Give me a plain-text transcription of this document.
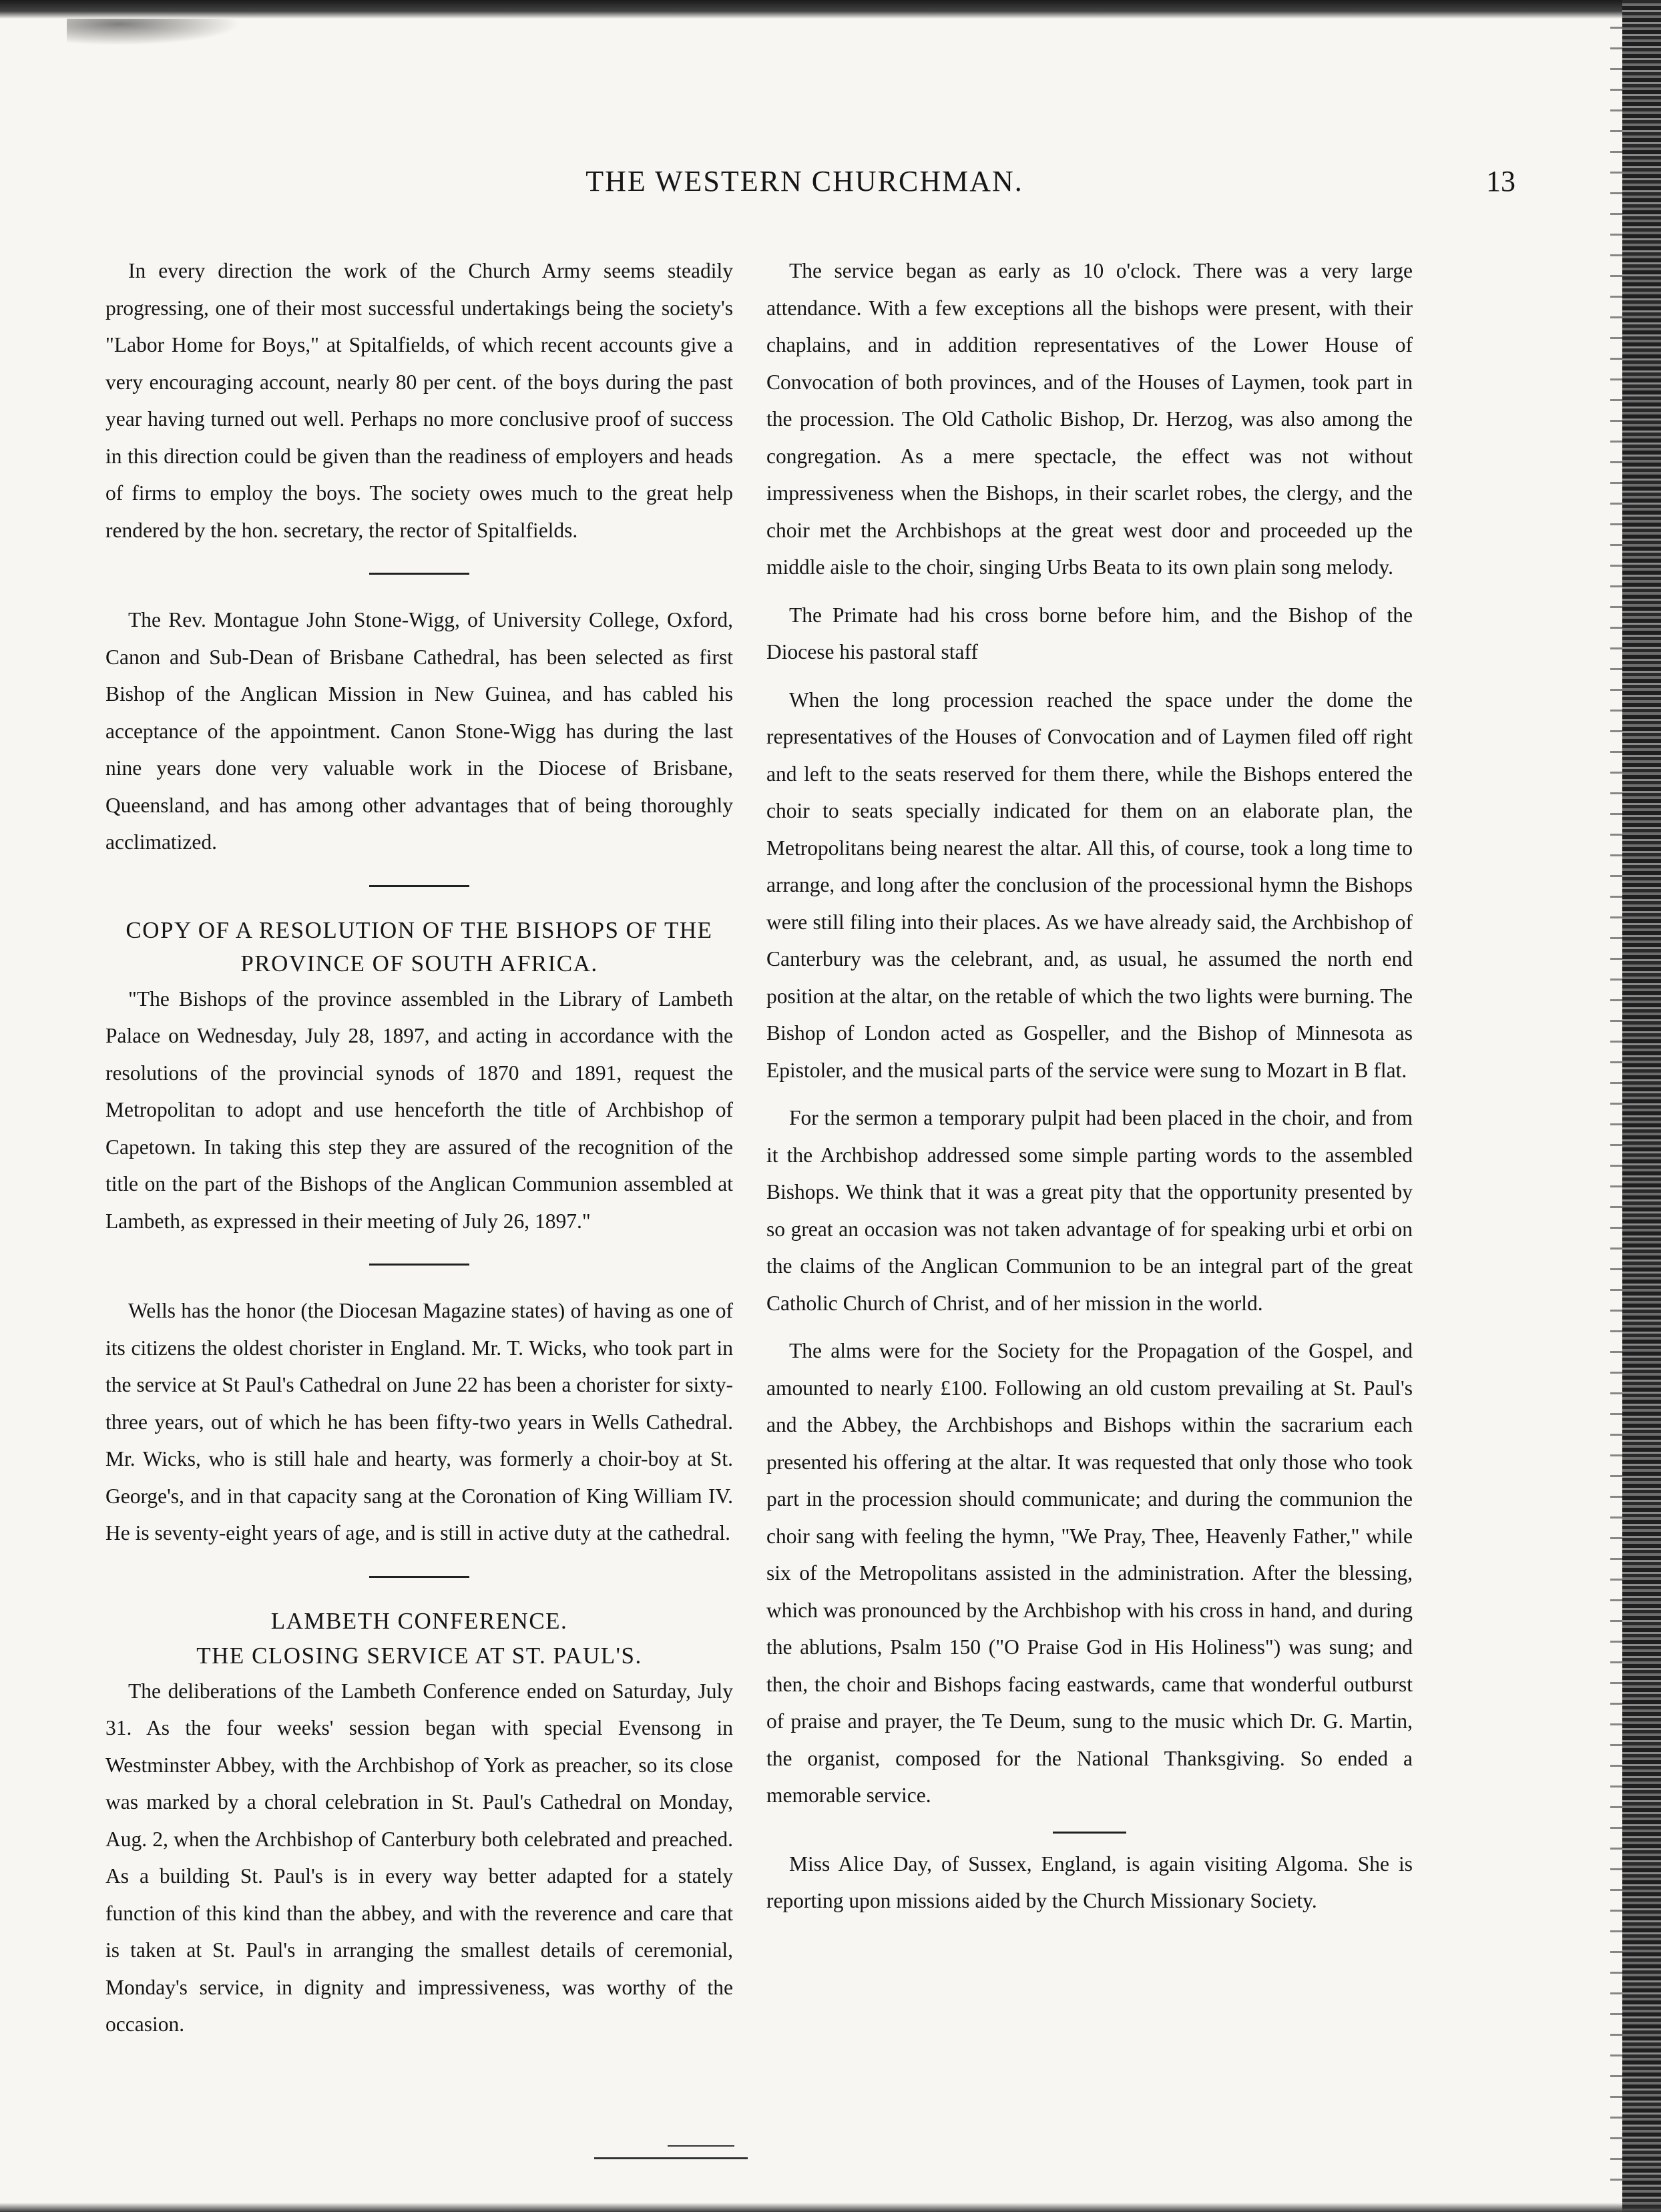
THE WESTERN CHURCHMAN.	13

In every direction the work of the Church Army seems steadily progressing, one of their most successful undertakings being the society's "Labor Home for Boys," at Spitalfields, of which recent accounts give a very encouraging account, nearly 80 per cent. of the boys during the past year having turned out well. Perhaps no more conclusive proof of success in this direction could be given than the readiness of employers and heads of firms to employ the boys. The society owes much to the great help rendered by the hon. secretary, the rector of Spitalfields.

The Rev. Montague John Stone-Wigg, of University College, Oxford, Canon and Sub-Dean of Brisbane Cathedral, has been selected as first Bishop of the Anglican Mission in New Guinea, and has cabled his acceptance of the appointment. Canon Stone-Wigg has during the last nine years done very valuable work in the Diocese of Brisbane, Queensland, and has among other advantages that of being thoroughly acclimatized.

COPY OF A RESOLUTION OF THE BISHOPS OF THE PROVINCE OF SOUTH AFRICA.

"The Bishops of the province assembled in the Library of Lambeth Palace on Wednesday, July 28, 1897, and acting in accordance with the resolutions of the provincial synods of 1870 and 1891, request the Metropolitan to adopt and use henceforth the title of Archbishop of Capetown. In taking this step they are assured of the recognition of the title on the part of the Bishops of the Anglican Communion assembled at Lambeth, as expressed in their meeting of July 26, 1897."

Wells has the honor (the Diocesan Magazine states) of having as one of its citizens the oldest chorister in England. Mr. T. Wicks, who took part in the service at St Paul's Cathedral on June 22 has been a chorister for sixty-three years, out of which he has been fifty-two years in Wells Cathedral. Mr. Wicks, who is still hale and hearty, was formerly a choir-boy at St. George's, and in that capacity sang at the Coronation of King William IV. He is seventy-eight years of age, and is still in active duty at the cathedral.

LAMBETH CONFERENCE.
THE CLOSING SERVICE AT ST. PAUL'S.

The deliberations of the Lambeth Conference ended on Saturday, July 31. As the four weeks' session began with special Evensong in Westminster Abbey, with the Archbishop of York as preacher, so its close was marked by a choral celebration in St. Paul's Cathedral on Monday, Aug. 2, when the Archbishop of Canterbury both celebrated and preached. As a building St. Paul's is in every way better adapted for a stately function of this kind than the abbey, and with the reverence and care that is taken at St. Paul's in arranging the smallest details of ceremonial, Monday's service, in dignity and impressiveness, was worthy of the occasion.

The service began as early as 10 o'clock. There was a very large attendance. With a few exceptions all the bishops were present, with their chaplains, and in addition representatives of the Lower House of Convocation of both provinces, and of the Houses of Laymen, took part in the procession. The Old Catholic Bishop, Dr. Herzog, was also among the congregation. As a mere spectacle, the effect was not without impressiveness when the Bishops, in their scarlet robes, the clergy, and the choir met the Archbishops at the great west door and proceeded up the middle aisle to the choir, singing Urbs Beata to its own plain song melody.

The Primate had his cross borne before him, and the Bishop of the Diocese his pastoral staff

When the long procession reached the space under the dome the representatives of the Houses of Convocation and of Laymen filed off right and left to the seats reserved for them there, while the Bishops entered the choir to seats specially indicated for them on an elaborate plan, the Metropolitans being nearest the altar. All this, of course, took a long time to arrange, and long after the conclusion of the processional hymn the Bishops were still filing into their places. As we have already said, the Archbishop of Canterbury was the celebrant, and, as usual, he assumed the north end position at the altar, on the retable of which the two lights were burning. The Bishop of London acted as Gospeller, and the Bishop of Minnesota as Epistoler, and the musical parts of the service were sung to Mozart in B flat.

For the sermon a temporary pulpit had been placed in the choir, and from it the Archbishop addressed some simple parting words to the assembled Bishops. We think that it was a great pity that the opportunity presented by so great an occasion was not taken advantage of for speaking urbi et orbi on the claims of the Anglican Communion to be an integral part of the great Catholic Church of Christ, and of her mission in the world.

The alms were for the Society for the Propagation of the Gospel, and amounted to nearly £100. Following an old custom prevailing at St. Paul's and the Abbey, the Archbishops and Bishops within the sacrarium each presented his offering at the altar. It was requested that only those who took part in the procession should communicate; and during the communion the choir sang with feeling the hymn, "We Pray, Thee, Heavenly Father," while six of the Metropolitans assisted in the administration. After the blessing, which was pronounced by the Archbishop with his cross in hand, and during the ablutions, Psalm 150 ("O Praise God in His Holiness") was sung; and then, the choir and Bishops facing eastwards, came that wonderful outburst of praise and prayer, the Te Deum, sung to the music which Dr. G. Martin, the organist, composed for the National Thanksgiving. So ended a memorable service.

Miss Alice Day, of Sussex, England, is again visiting Algoma. She is reporting upon missions aided by the Church Missionary Society.
